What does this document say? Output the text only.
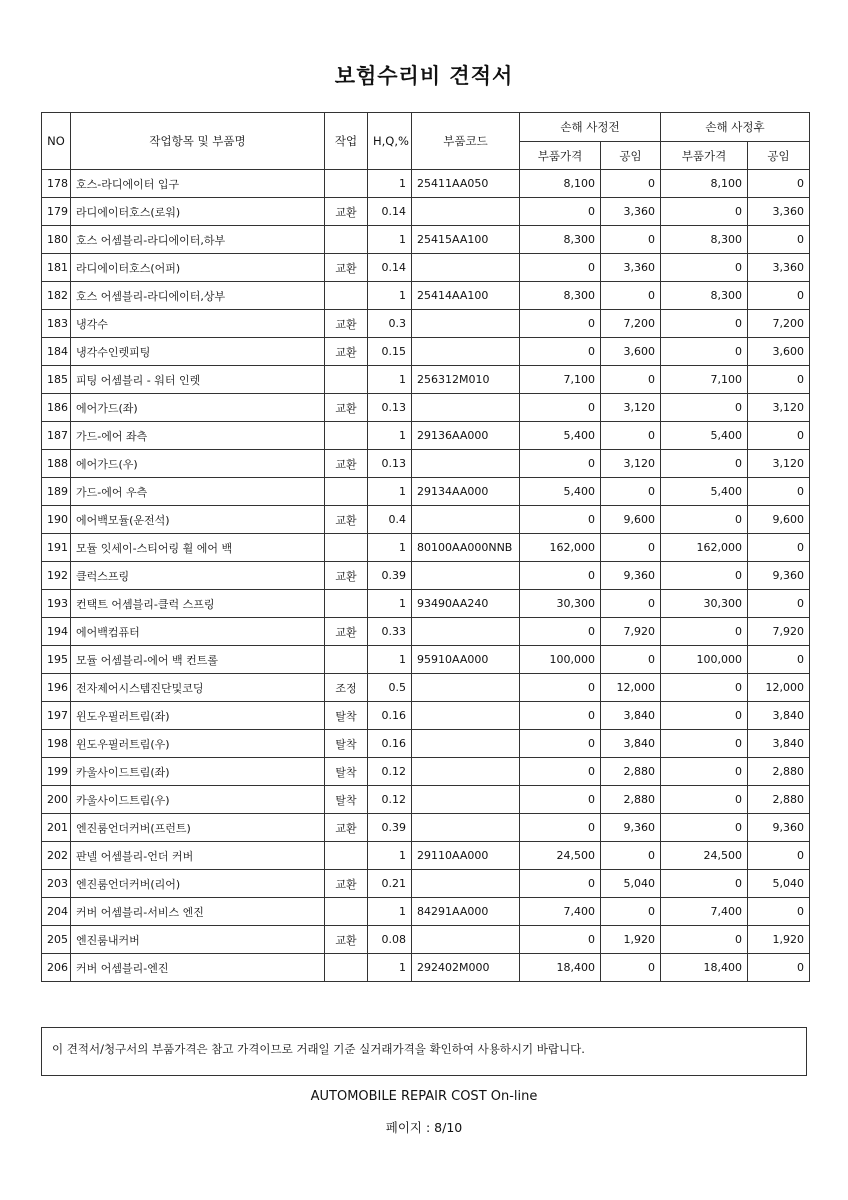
보험수리비 견적서
NO	작업항목 및 부품명	작업	H,Q,%	부품코드	손해 사정전		손해 사정후	
					부품가격	공임	부품가격	공임
178	호스-라디에이터 입구		1	25411AA050	8,100	0	8,100	0
179	라디에이터호스(로워)	교환	0.14		0	3,360	0	3,360
180	호스 어셈블리-라디에이터,하부		1	25415AA100	8,300	0	8,300	0
181	라디에이터호스(어퍼)	교환	0.14		0	3,360	0	3,360
182	호스 어셈블리-라디에이터,상부		1	25414AA100	8,300	0	8,300	0
183	냉각수	교환	0.3		0	7,200	0	7,200
184	냉각수인렛피팅	교환	0.15		0	3,600	0	3,600
185	피팅 어셈블리 - 워터 인렛		1	256312M010	7,100	0	7,100	0
186	에어가드(좌)	교환	0.13		0	3,120	0	3,120
187	가드-에어 좌측		1	29136AA000	5,400	0	5,400	0
188	에어가드(우)	교환	0.13		0	3,120	0	3,120
189	가드-에어 우측		1	29134AA000	5,400	0	5,400	0
190	에어백모듈(운전석)	교환	0.4		0	9,600	0	9,600
191	모듈 잇세이-스티어링 휠 에어 백		1	80100AA000NNB	162,000	0	162,000	0
192	클럭스프링	교환	0.39		0	9,360	0	9,360
193	컨택트 어셈블리-클럭 스프링		1	93490AA240	30,300	0	30,300	0
194	에어백컴퓨터	교환	0.33		0	7,920	0	7,920
195	모듈 어셈블리-에어 백 컨트롤		1	95910AA000	100,000	0	100,000	0
196	전자제어시스템진단및코딩	조정	0.5		0	12,000	0	12,000
197	윈도우필러트림(좌)	탈착	0.16		0	3,840	0	3,840
198	윈도우필러트림(우)	탈착	0.16		0	3,840	0	3,840
199	카울사이드트림(좌)	탈착	0.12		0	2,880	0	2,880
200	카울사이드트림(우)	탈착	0.12		0	2,880	0	2,880
201	엔진룸언더커버(프런트)	교환	0.39		0	9,360	0	9,360
202	판넬 어셈블리-언더 커버		1	29110AA000	24,500	0	24,500	0
203	엔진룸언더커버(리어)	교환	0.21		0	5,040	0	5,040
204	커버 어셈블리-서비스 엔진		1	84291AA000	7,400	0	7,400	0
205	엔진룸내커버	교환	0.08		0	1,920	0	1,920
206	커버 어셈블리-엔진		1	292402M000	18,400	0	18,400	0
이 견적서/청구서의 부품가격은 참고 가격이므로 거래일 기준 실거래가격을 확인하여 사용하시기 바랍니다.
AUTOMOBILE REPAIR COST On-line
페이지 : 8/10
